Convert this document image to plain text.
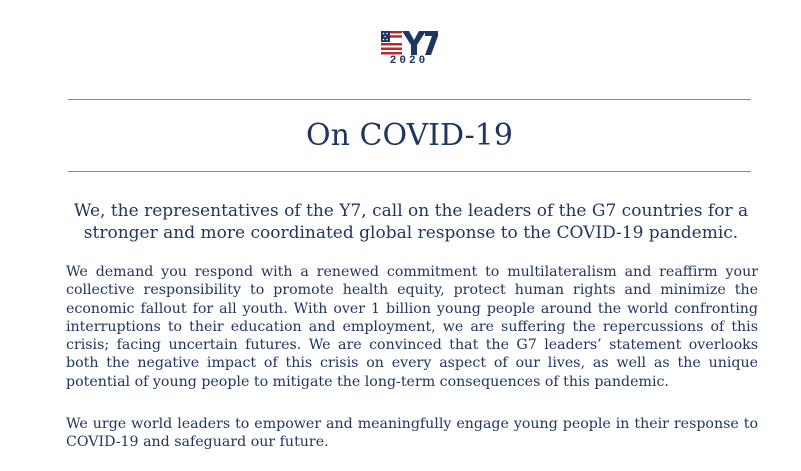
2020
On COVID-19

We, the representatives of the Y7, call on the leaders of the G7 countries for a stronger and more coordinated global response to the COVID-19 pandemic.

We demand you respond with a renewed commitment to multilateralism and reaffirm your collective responsibility to promote health equity, protect human rights and minimize the economic fallout for all youth. With over 1 billion young people around the world confronting interruptions to their education and employment, we are suffering the repercussions of this crisis; facing uncertain futures. We are convinced that the G7 leaders’ statement overlooks both the negative impact of this crisis on every aspect of our lives, as well as the unique potential of young people to mitigate the long-term consequences of this pandemic.

We urge world leaders to empower and meaningfully engage young people in their response to COVID-19 and safeguard our future.
